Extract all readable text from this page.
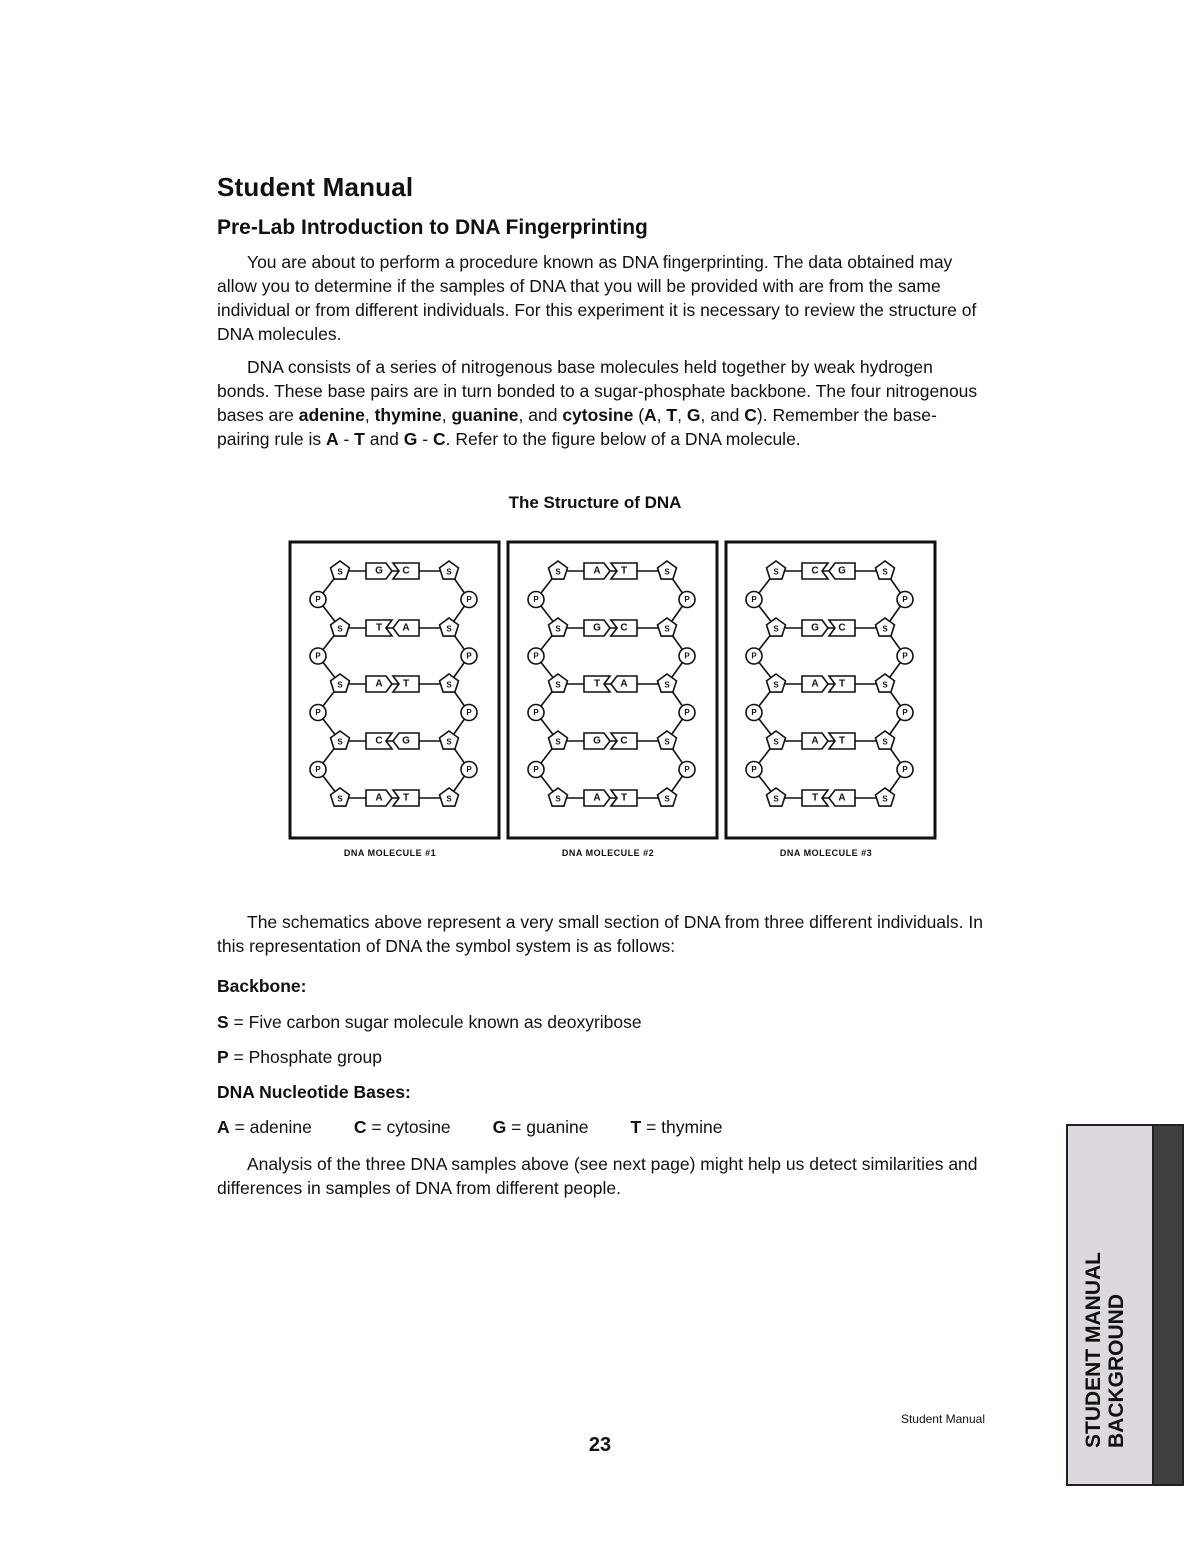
Student Manual
Pre-Lab Introduction to DNA Fingerprinting

You are about to perform a procedure known as DNA fingerprinting. The data obtained may allow you to determine if the samples of DNA that you will be provided with are from the same individual or from different individuals. For this experiment it is necessary to review the structure of DNA molecules.

DNA consists of a series of nitrogenous base molecules held together by weak hydrogen bonds. These base pairs are in turn bonded to a sugar-phosphate backbone. The four nitrogenous bases are adenine, thymine, guanine, and cytosine (A, T, G, and C). Remember the base-pairing rule is A - T and G - C. Refer to the figure below of a DNA molecule.

The Structure of DNA
G C
S	S
T A
S	S
A T
S	S
C G
S	S
A T
S	S
P	P
P	P
P	P
P	P
A T
S	S
G C
S	S
T A
S	S
G C
S	S
A T
S	S
P	P
P	P
P	P
P	P
C G
S	S
G C
S	S
A T
S	S
A T
S	S
T A
S	S
P	P
P	P
P	P
P	P
DNA MOLECULE #1	DNA MOLECULE #2	DNA MOLECULE #3

The schematics above represent a very small section of DNA from three different individuals. In this representation of DNA the symbol system is as follows:

Backbone:

S = Five carbon sugar molecule known as deoxyribose

P = Phosphate group

DNA Nucleotide Bases:

A = adenine C = cytosine G = guanine T = thymine

Analysis of the three DNA samples above (see next page) might help us detect similarities and differences in samples of DNA from different people.

Student Manual

23	STUDENT MANUAL BACKGROUND
